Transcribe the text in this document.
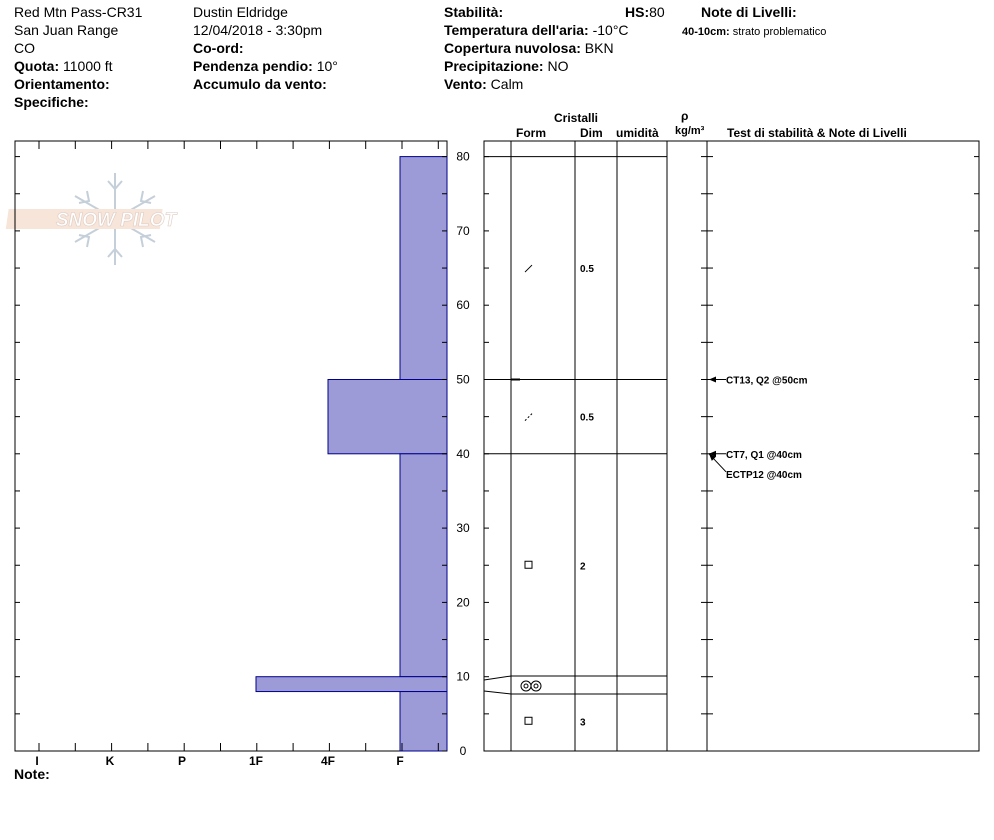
Red Mtn Pass-CR31
San Juan Range
CO
Quota: 11000 ft
Orientamento:
Specifiche:
Dustin Eldridge
12/04/2018 - 3:30pm
Co-ord:
Pendenza pendio: 10°
Accumulo da vento:
Stabilità:	HS:80
Temperatura dell'aria: -10°C
Copertura nuvolosa: BKN
Precipitazione: NO
Vento: Calm
Note di Livelli:
40-10cm: strato problematico
Cristalli
Form	Dim umidità
ρ
kg/m³ Test di stabilità & Note di Livelli
Note:
SNOW PILOT
I	K	P	1F	4F	F
0
10
20
30
40
50
60
70
80
0.5
0.5
2
3
CT13, Q2 @50cm
CT7, Q1 @40cm
ECTP12 @40cm
